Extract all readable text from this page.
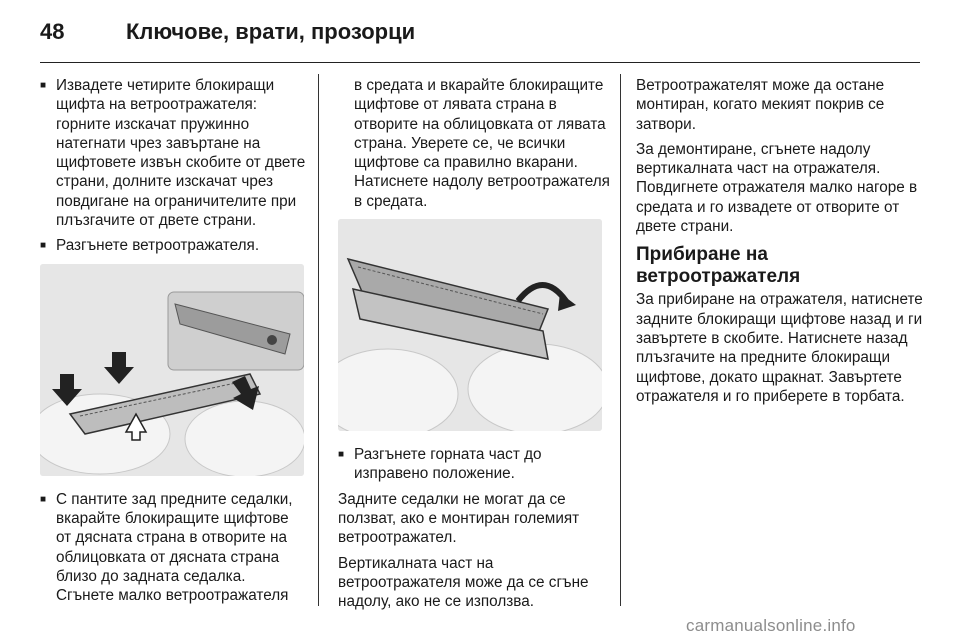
48	Ключове, врати, прозорци
■ Извадете четирите блокиращи щифта на ветроотражателя: горните изскачат пружинно натегнати чрез завъртане на щифтовете извън скобите от двете страни, долните изскачат чрез повдигане на ограничителите при плъзгачите от двете страни.
■ Разгънете ветроотражателя.
■ С пантите зад предните седалки, вкарайте блокиращите щифтове от дясната страна в отворите на облицовката от дясната страна близо до задната седалка. Сгънете малко ветроотражателя

в средата и вкарайте блокиращите щифтове от лявата страна в отворите на облицовката от лявата страна. Уверете се, че всички щифтове са правилно вкарани. Натиснете надолу ветроотражателя в средата.

■ Разгънете горната част до изправено положение.

Задните седалки не могат да се ползват, ако е монтиран големият ветроотражател.

Вертикалната част на ветроотражателя може да се сгъне надолу, ако не се използва.

Ветроотражателят може да остане монтиран, когато мекият покрив се затвори.

За демонтиране, сгънете надолу вертикалната част на отражателя. Повдигнете отражателя малко нагоре в средата и го извадете от отворите от двете страни.

Прибиране на ветроотражателя

За прибиране на отражателя, натиснете задните блокиращи щифтове назад и ги завъртете в скобите. Натиснете назад плъзгачите на предните блокиращи щифтове, докато щракнат. Завъртете отражателя и го приберете в торбата.

carmanualsonline.info
